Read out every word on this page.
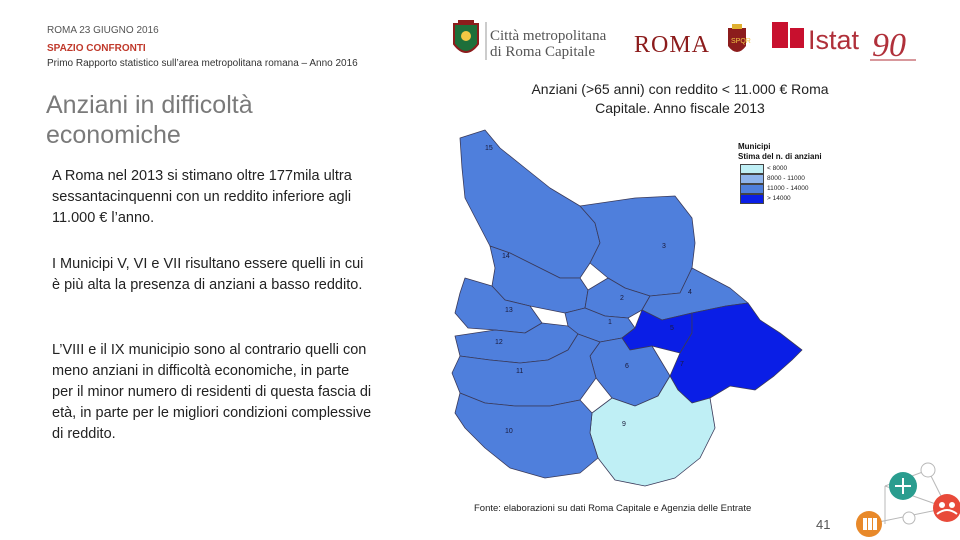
ROMA 23 GIUGNO 2016
SPAZIO CONFRONTI
Primo Rapporto statistico sull’area metropolitana romana – Anno 2016
Città metropolitana
di Roma Capitale ROMA	SPQR Istat 90
Anziani in difficoltà economiche
A Roma nel 2013 si stimano oltre 177mila ultra sessantacinquenni con un reddito inferiore agli 11.000 € l’anno.
I Municipi V, VI e VII risultano essere quelli in cui è più alta la presenza di anziani a basso reddito.
L’VIII e il IX municipio sono al contrario quelli con meno anziani in difficoltà economiche, in parte per il minor numero di residenti di questa fascia di età, in parte per le migliori condizioni complessive di reddito.
Anziani (>65 anni) con reddito < 11.000 € Roma Capitale. Anno fiscale 2013
15
3
14
2
4
13
1
5
12
6	7
11
9
10
Municipi
Stima del n. di anziani
< 8000
8000 - 11000
11000 - 14000
> 14000
Fonte: elaborazioni su dati Roma Capitale e Agenzia delle Entrate
41
